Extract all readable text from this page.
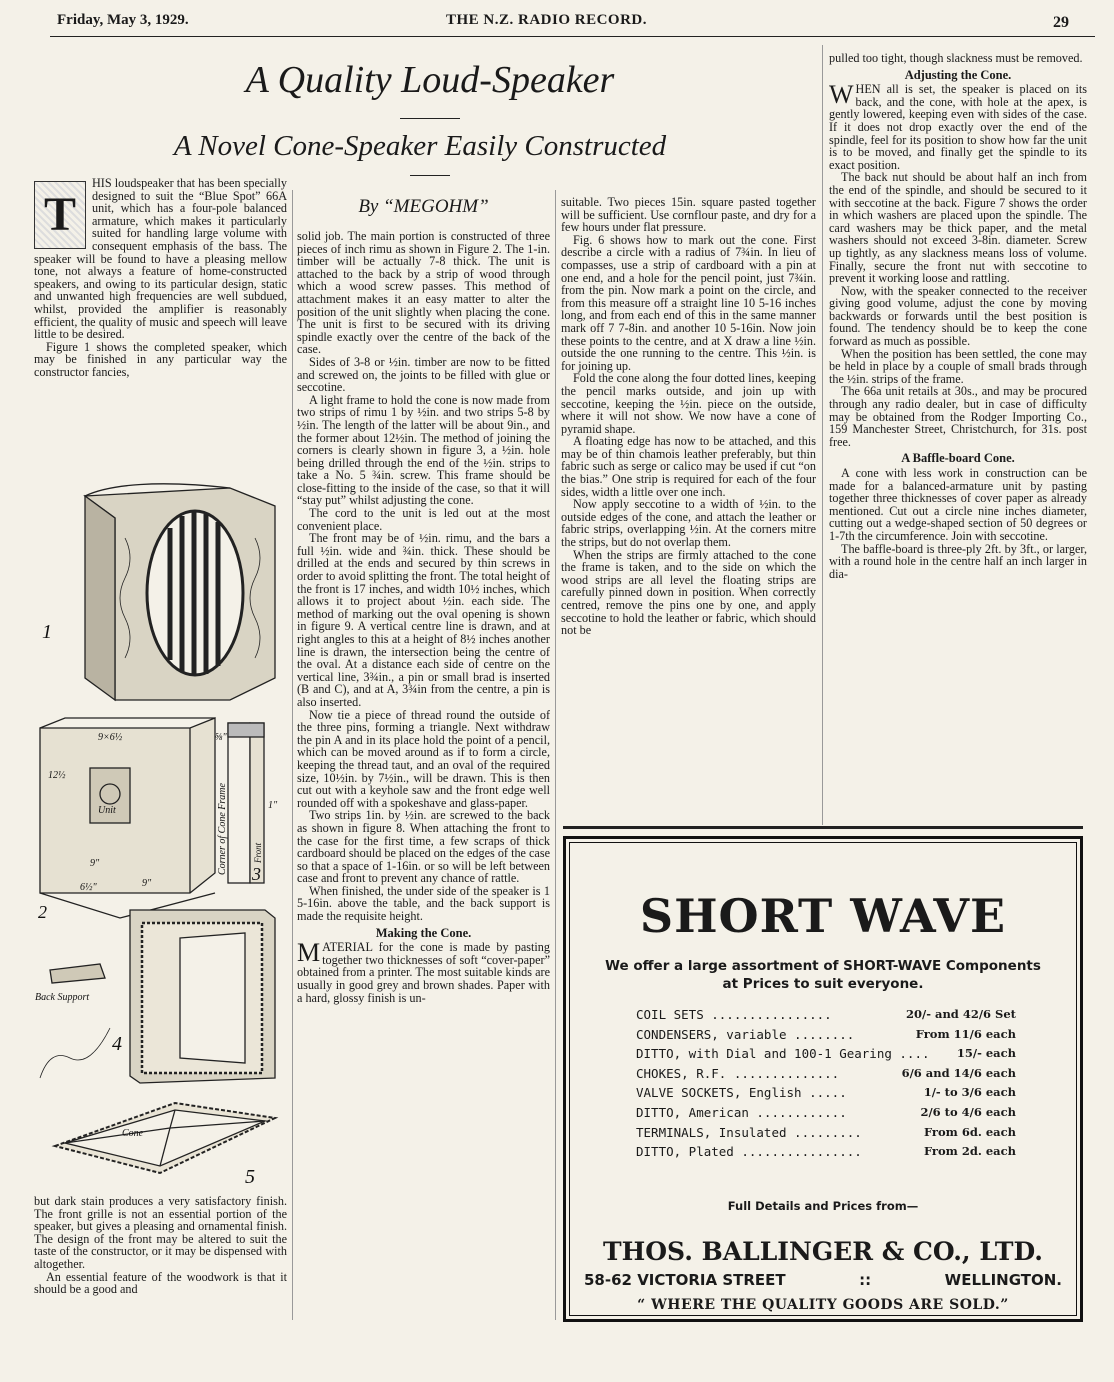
Friday, May 3, 1929.	THE N.Z. RADIO RECORD.	29
A Quality Loud-Speaker
A Novel Cone-Speaker Easily Constructed
T

HIS loudspeaker that has been specially designed to suit the “Blue Spot” 66A unit, which has a four-pole balanced armature, which makes it particularly suited for handling large volume with consequent emphasis of the bass. The speaker will be found to have a pleasing mellow tone, not always a feature of home-constructed speakers, and owing to its particular design, static and unwanted high frequencies are well subdued, whilst, provided the amplifier is reasonably efficient, the quality of music and speech will leave little to be desired.

Figure 1 shows the completed speaker, which may be finished in any particular way the constructor fancies,

1
2
3
4
5
9×6½
12½
9"
9"
6½"
Unit	Corner of Cone Frame	Front
1"
⅝"
Back Support
Cone

but dark stain produces a very satisfactory finish. The front grille is not an essential portion of the speaker, but gives a pleasing and ornamental finish. The design of the front may be altered to suit the taste of the constructor, or it may be dispensed with altogether.

An essential feature of the woodwork is that it should be a good and

By “MEGOHM”

solid job. The main portion is constructed of three pieces of inch rimu as shown in Figure 2. The 1-in. timber will be actually 7-8 thick. The unit is attached to the back by a strip of wood through which a wood screw passes. This method of attachment makes it an easy matter to alter the position of the unit slightly when placing the cone. The unit is first to be secured with its driving spindle exactly over the centre of the back of the case.

Sides of 3-8 or ½in. timber are now to be fitted and screwed on, the joints to be filled with glue or seccotine.

A light frame to hold the cone is now made from two strips of rimu 1 by ½in. and two strips 5-8 by ½in. The length of the latter will be about 9in., and the former about 12½in. The method of joining the corners is clearly shown in figure 3, a ½in. hole being drilled through the end of the ½in. strips to take a No. 5 ¾in. screw. This frame should be close-fitting to the inside of the case, so that it will “stay put” whilst adjusting the cone.

The cord to the unit is led out at the most convenient place.

The front may be of ½in. rimu, and the bars a full ½in. wide and ¾in. thick. These should be drilled at the ends and secured by thin screws in order to avoid splitting the front. The total height of the front is 17 inches, and width 10½ inches, which allows it to project about ½in. each side. The method of marking out the oval opening is shown in figure 9. A vertical centre line is drawn, and at right angles to this at a height of 8½ inches another line is drawn, the intersection being the centre of the oval. At a distance each side of centre on the vertical line, 3¾in., a pin or small brad is inserted (B and C), and at A, 3¾in from the centre, a pin is also inserted.

Now tie a piece of thread round the outside of the three pins, forming a triangle. Next withdraw the pin A and in its place hold the point of a pencil, which can be moved around as if to form a circle, keeping the thread taut, and an oval of the required size, 10½in. by 7½in., will be drawn. This is then cut out with a keyhole saw and the front edge well rounded off with a spokeshave and glass-paper.

Two strips 1in. by ½in. are screwed to the back as shown in figure 8. When attaching the front to the case for the first time, a few scraps of thick cardboard should be placed on the edges of the case so that a space of 1-16in. or so will be left between case and front to prevent any chance of rattle.

When finished, the under side of the speaker is 1 5-16in. above the table, and the back support is made the requisite height.

Making the Cone.

MATERIAL for the cone is made by pasting together two thicknesses of soft “cover-paper” obtained from a printer. The most suitable kinds are usually in good grey and brown shades. Paper with a hard, glossy finish is un-

suitable. Two pieces 15in. square pasted together will be sufficient. Use cornflour paste, and dry for a few hours under flat pressure.

Fig. 6 shows how to mark out the cone. First describe a circle with a radius of 7¾in. In lieu of compasses, use a strip of cardboard with a pin at one end, and a hole for the pencil point, just 7¾in. from the pin. Now mark a point on the circle, and from this measure off a straight line 10 5-16 inches long, and from each end of this in the same manner mark off 7 7-8in. and another 10 5-16in. Now join these points to the centre, and at X draw a line ½in. outside the one running to the centre. This ½in. is for joining up.

Fold the cone along the four dotted lines, keeping the pencil marks outside, and join up with seccotine, keeping the ½in. piece on the outside, where it will not show. We now have a cone of pyramid shape.

A floating edge has now to be attached, and this may be of thin chamois leather preferably, but thin fabric such as serge or calico may be used if cut “on the bias.” One strip is required for each of the four sides, width a little over one inch.

Now apply seccotine to a width of ½in. to the outside edges of the cone, and attach the leather or fabric strips, overlapping ½in. At the corners mitre the strips, but do not overlap them.

When the strips are firmly attached to the cone the frame is taken, and to the side on which the wood strips are all level the floating strips are carefully pinned down in position. When correctly centred, remove the pins one by one, and apply seccotine to hold the leather or fabric, which should not be

pulled too tight, though slackness must be removed.

Adjusting the Cone.

WHEN all is set, the speaker is placed on its back, and the cone, with hole at the apex, is gently lowered, keeping even with sides of the case. If it does not drop exactly over the end of the spindle, feel for its position to show how far the unit is to be moved, and finally get the spindle to its exact position.

The back nut should be about half an inch from the end of the spindle, and should be secured to it with seccotine at the back. Figure 7 shows the order in which washers are placed upon the spindle. The card washers may be thick paper, and the metal washers should not exceed 3-8in. diameter. Screw up tightly, as any slackness means loss of volume. Finally, secure the front nut with seccotine to prevent it working loose and rattling.

Now, with the speaker connected to the receiver giving good volume, adjust the cone by moving backwards or forwards until the best position is found. The tendency should be to keep the cone forward as much as possible.

When the position has been settled, the cone may be held in place by a couple of small brads through the ½in. strips of the frame.

The 66a unit retails at 30s., and may be procured through any radio dealer, but in case of difficulty may be obtained from the Rodger Importing Co., 159 Manchester Street, Christchurch, for 31s. post free.

A Baffle-board Cone.

A cone with less work in construction can be made for a balanced-armature unit by pasting together three thicknesses of cover paper as already mentioned. Cut out a circle nine inches diameter, cutting out a wedge-shaped section of 50 degrees or 1-7th the circumference. Join with seccotine.

The baffle-board is three-ply 2ft. by 3ft., or larger, with a round hole in the centre half an inch larger in dia-

SHORT WAVE
We offer a large assortment of SHORT-WAVE Components at Prices to suit everyone.
COIL SETS ................	20/- and 42/6 Set
CONDENSERS, variable ........	From 11/6 each
DITTO, with Dial and 100-1 Gearing .... 15/- each
CHOKES, R.F. ..............	6/6 and 14/6 each
VALVE SOCKETS, English .....	1/- to 3/6 each
DITTO, American ............	2/6 to 4/6 each
TERMINALS, Insulated .........	From 6d. each
DITTO, Plated ................	From 2d. each
Full Details and Prices from—
THOS. BALLINGER & CO., LTD.
58-62 VICTORIA STREET	::	WELLINGTON.
“ WHERE THE QUALITY GOODS ARE SOLD.”
